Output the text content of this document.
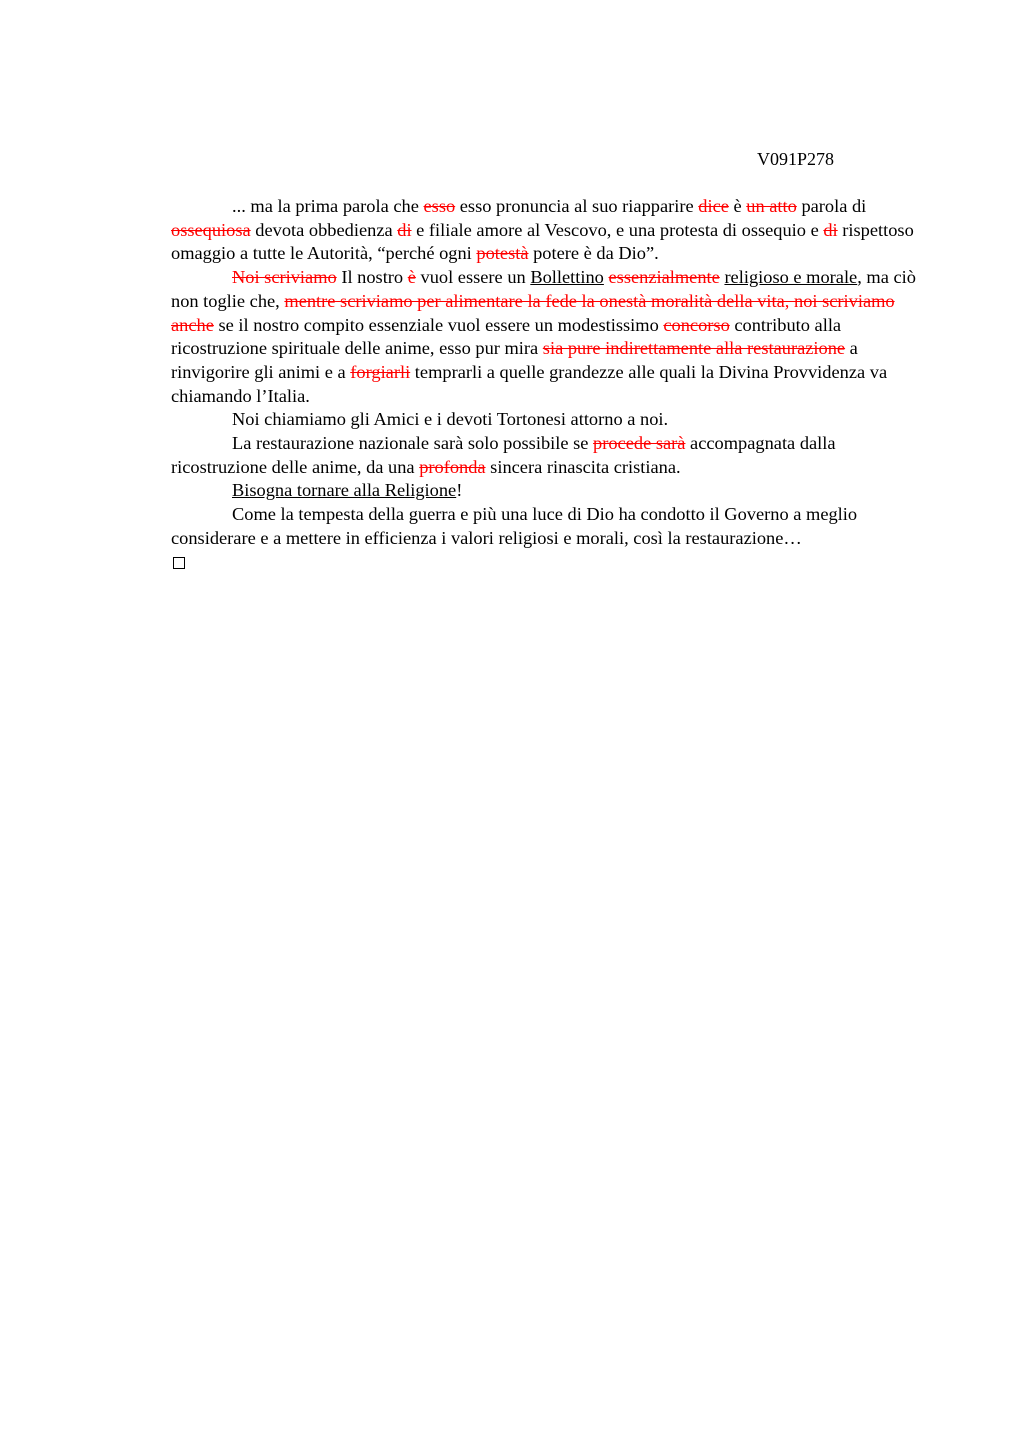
V091P278

... ma la prima parola che esso esso pronuncia al suo riapparire dice è un atto parola di ossequiosa devota obbedienza di e filiale amore al Vescovo, e una protesta di ossequio e di rispettoso omaggio a tutte le Autorità, “perché ogni potestà potere è da Dio”.

Noi scriviamo Il nostro è vuol essere un Bollettino essenzialmente religioso e morale, ma ciò non toglie che, mentre scriviamo per alimentare la fede la onestà moralità della vita, noi scriviamo anche se il nostro compito essenziale vuol essere un modestissimo concorso contributo alla ricostruzione spirituale delle anime, esso pur mira sia pure indirettamente alla restaurazione a rinvigorire gli animi e a forgiarli temprarli a quelle grandezze alle quali la Divina Provvidenza va chiamando l’Italia.

Noi chiamiamo gli Amici e i devoti Tortonesi attorno a noi.

La restaurazione nazionale sarà solo possibile se procede sarà accompagnata dalla ricostruzione delle anime, da una profonda sincera rinascita cristiana.

Bisogna tornare alla Religione!

Come la tempesta della guerra e più una luce di Dio ha condotto il Governo a meglio considerare e a mettere in efficienza i valori religiosi e morali, così la restaurazione…
